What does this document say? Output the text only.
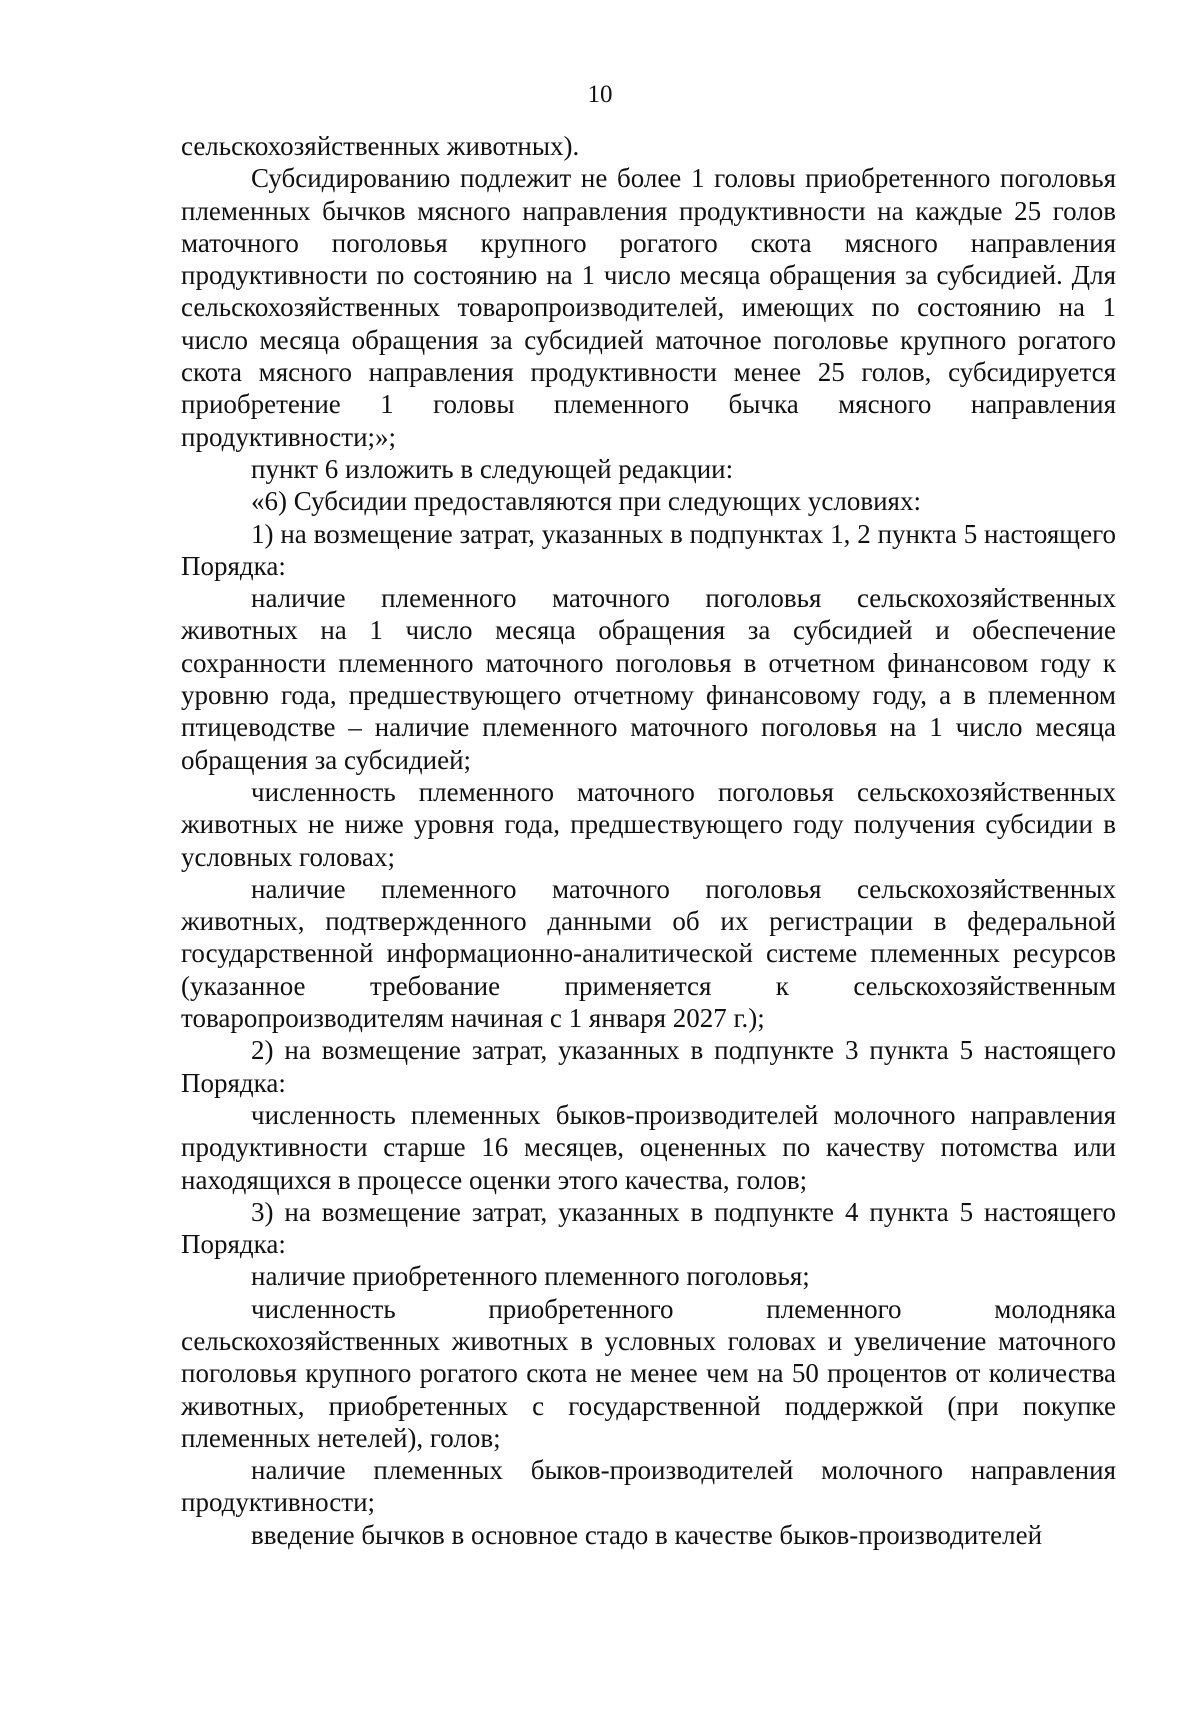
10

сельскохозяйственных животных).

Субсидированию подлежит не более 1 головы приобретенного поголовья племенных бычков мясного направления продуктивности на каждые 25 голов маточного поголовья крупного рогатого скота мясного направления продуктивности по состоянию на 1 число месяца обращения за субсидией. Для сельскохозяйственных товаропроизводителей, имеющих по состоянию на 1 число месяца обращения за субсидией маточное поголовье крупного рогатого скота мясного направления продуктивности менее 25 голов, субсидируется приобретение 1 головы племенного бычка мясного направления продуктивности;»;

пункт 6 изложить в следующей редакции:

«6) Субсидии предоставляются при следующих условиях:

1) на возмещение затрат, указанных в подпунктах 1, 2 пункта 5 настоящего Порядка:

наличие племенного маточного поголовья сельскохозяйственных животных на 1 число месяца обращения за субсидией и обеспечение сохранности племенного маточного поголовья в отчетном финансовом году к уровню года, предшествующего отчетному финансовому году, а в племенном птицеводстве – наличие племенного маточного поголовья на 1 число месяца обращения за субсидией;

численность племенного маточного поголовья сельскохозяйственных животных не ниже уровня года, предшествующего году получения субсидии в условных головах;

наличие племенного маточного поголовья сельскохозяйственных животных, подтвержденного данными об их регистрации в федеральной государственной информационно-аналитической системе племенных ресурсов (указанное требование применяется к сельскохозяйственным товаропроизводителям начиная с 1 января 2027 г.);

2) на возмещение затрат, указанных в подпункте 3 пункта 5 настоящего Порядка:

численность племенных быков-производителей молочного направления продуктивности старше 16 месяцев, оцененных по качеству потомства или находящихся в процессе оценки этого качества, голов;

3) на возмещение затрат, указанных в подпункте 4 пункта 5 настоящего Порядка:

наличие приобретенного племенного поголовья;

численность приобретенного племенного молодняка сельскохозяйственных животных в условных головах и увеличение маточного поголовья крупного рогатого скота не менее чем на 50 процентов от количества животных, приобретенных с государственной поддержкой (при покупке племенных нетелей), голов;

наличие племенных быков-производителей молочного направления продуктивности;

введение бычков в основное стадо в качестве быков-производителей
